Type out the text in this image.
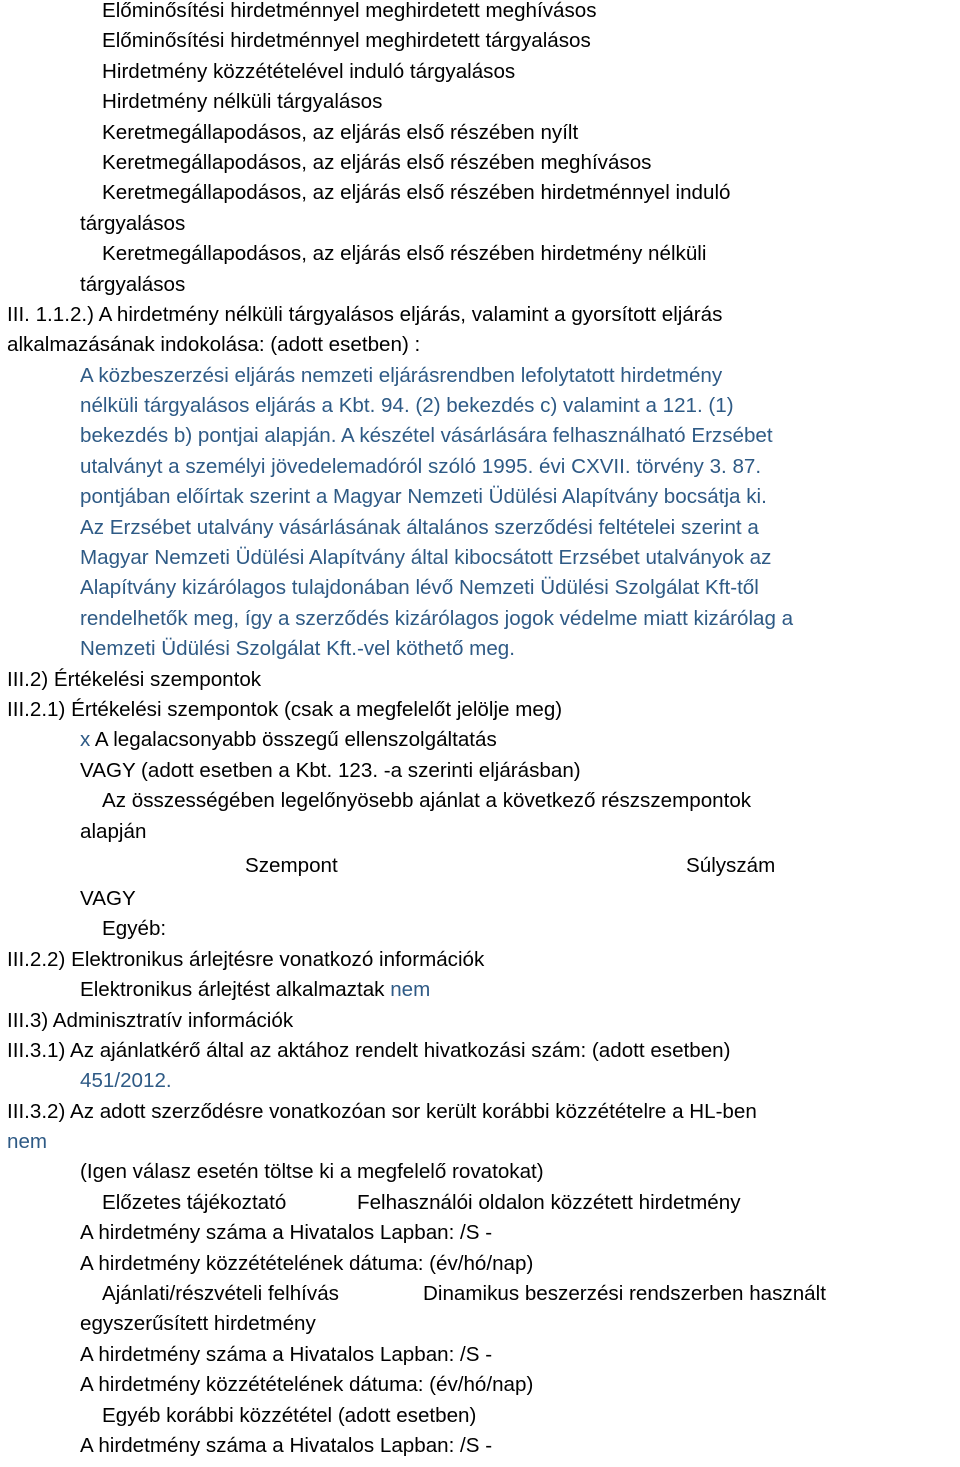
Előminősítési hirdetménnyel meghirdetett meghívásos
Előminősítési hirdetménnyel meghirdetett tárgyalásos
Hirdetmény közzétételével induló tárgyalásos
Hirdetmény nélküli tárgyalásos
Keretmegállapodásos, az eljárás első részében nyílt
Keretmegállapodásos, az eljárás első részében meghívásos
Keretmegállapodásos, az eljárás első részében hirdetménnyel induló
tárgyalásos
Keretmegállapodásos, az eljárás első részében hirdetmény nélküli
tárgyalásos
III. 1.1.2.) A hirdetmény nélküli tárgyalásos eljárás, valamint a gyorsított eljárás
alkalmazásának indokolása: (adott esetben) :
A közbeszerzési eljárás nemzeti eljárásrendben lefolytatott hirdetmény
nélküli tárgyalásos eljárás a Kbt. 94. (2) bekezdés c) valamint a 121. (1)
bekezdés b) pontjai alapján. A készétel vásárlására felhasználható Erzsébet
utalványt a személyi jövedelemadóról szóló 1995. évi CXVII. törvény 3. 87.
pontjában előírtak szerint a Magyar Nemzeti Üdülési Alapítvány bocsátja ki.
Az Erzsébet utalvány vásárlásának általános szerződési feltételei szerint a
Magyar Nemzeti Üdülési Alapítvány által kibocsátott Erzsébet utalványok az
Alapítvány kizárólagos tulajdonában lévő Nemzeti Üdülési Szolgálat Kft-től
rendelhetők meg, így a szerződés kizárólagos jogok védelme miatt kizárólag a
Nemzeti Üdülési Szolgálat Kft.-vel köthető meg.
III.2) Értékelési szempontok
III.2.1) Értékelési szempontok (csak a megfelelőt jelölje meg)
x A legalacsonyabb összegű ellenszolgáltatás
VAGY (adott esetben a Kbt. 123. -a szerinti eljárásban)
Az összességében legelőnyösebb ajánlat a következő részszempontok
alapján
Szempont	Súlyszám
VAGY
Egyéb:
III.2.2) Elektronikus árlejtésre vonatkozó információk
Elektronikus árlejtést alkalmaztak nem
III.3) Adminisztratív információk
III.3.1) Az ajánlatkérő által az aktához rendelt hivatkozási szám: (adott esetben)
451/2012.
III.3.2) Az adott szerződésre vonatkozóan sor került korábbi közzétételre a HL-ben
nem
(Igen válasz esetén töltse ki a megfelelő rovatokat)
Előzetes tájékoztató	Felhasználói oldalon közzétett hirdetmény
A hirdetmény száma a Hivatalos Lapban: /S -
A hirdetmény közzétételének dátuma: (év/hó/nap)
Ajánlati/részvételi felhívás	Dinamikus beszerzési rendszerben használt
egyszerűsített hirdetmény
A hirdetmény száma a Hivatalos Lapban: /S -
A hirdetmény közzétételének dátuma: (év/hó/nap)
Egyéb korábbi közzététel (adott esetben)
A hirdetmény száma a Hivatalos Lapban: /S -
